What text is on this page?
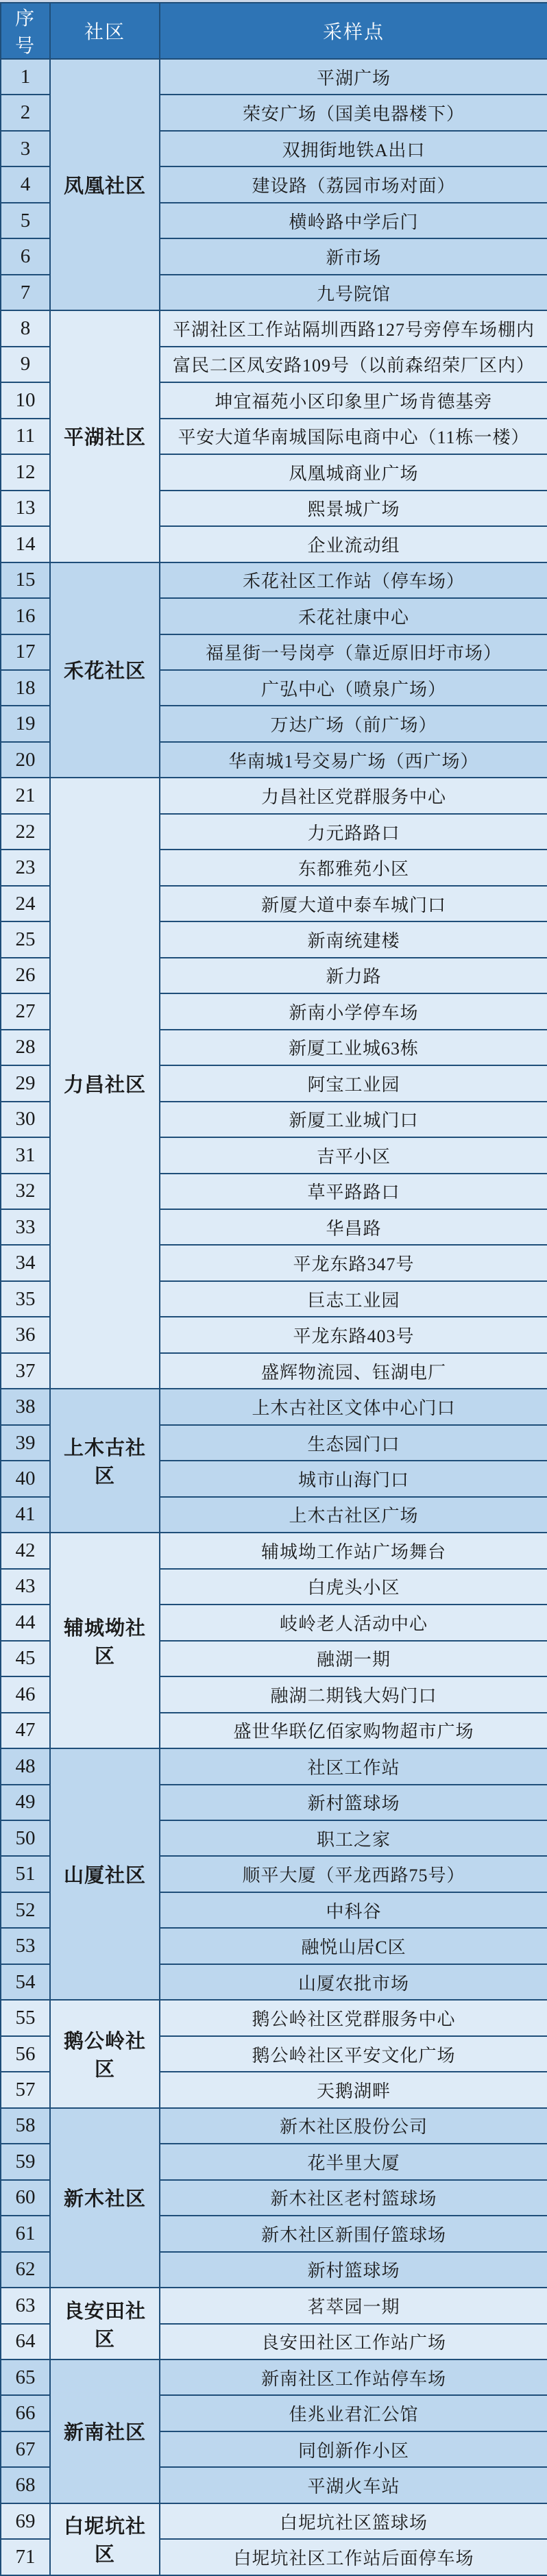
序号	社区	采样点
1	凤凰社区	平湖广场
2		荣安广场（国美电器楼下）
3		双拥街地铁A出口
4		建设路（荔园市场对面）
5		横岭路中学后门
6		新市场
7		九号院馆
8	平湖社区	平湖社区工作站隔圳西路127号旁停车场棚内
9		富民二区凤安路109号（以前森绍荣厂区内）
10		坤宜福苑小区印象里广场肯德基旁
11		平安大道华南城国际电商中心（11栋一楼）
12		凤凰城商业广场
13		熙景城广场
14		企业流动组
15	禾花社区	禾花社区工作站（停车场）
16		禾花社康中心
17		福星街一号岗亭（靠近原旧圩市场）
18		广弘中心（喷泉广场）
19		万达广场（前广场）
20		华南城1号交易广场（西广场）
21	力昌社区	力昌社区党群服务中心
22		力元路路口
23		东都雅苑小区
24		新厦大道中泰车城门口
25		新南统建楼
26		新力路
27		新南小学停车场
28		新厦工业城63栋
29		阿宝工业园
30		新厦工业城门口
31		吉平小区
32		草平路路口
33		华昌路
34		平龙东路347号
35		巨志工业园
36		平龙东路403号
37		盛辉物流园、钰湖电厂
38	上木古社区	上木古社区文体中心门口
39		生态园门口
40		城市山海门口
41		上木古社区广场
42	辅城坳社区	辅城坳工作站广场舞台
43		白虎头小区
44		岐岭老人活动中心
45		融湖一期
46		融湖二期钱大妈门口
47		盛世华联亿佰家购物超市广场
48	山厦社区	社区工作站
49		新村篮球场
50		职工之家
51		顺平大厦（平龙西路75号）
52		中科谷
53		融悦山居C区
54		山厦农批市场
55	鹅公岭社区	鹅公岭社区党群服务中心
56		鹅公岭社区平安文化广场
57		天鹅湖畔
58	新木社区	新木社区股份公司
59		花半里大厦
60		新木社区老村篮球场
61		新木社区新围仔篮球场
62		新村篮球场
63	良安田社区	茗萃园一期
64		良安田社区工作站广场
65	新南社区	新南社区工作站停车场
66		佳兆业君汇公馆
67		同创新作小区
68		平湖火车站
69	白坭坑社区	白坭坑社区篮球场
71		白坭坑社区工作站后面停车场
